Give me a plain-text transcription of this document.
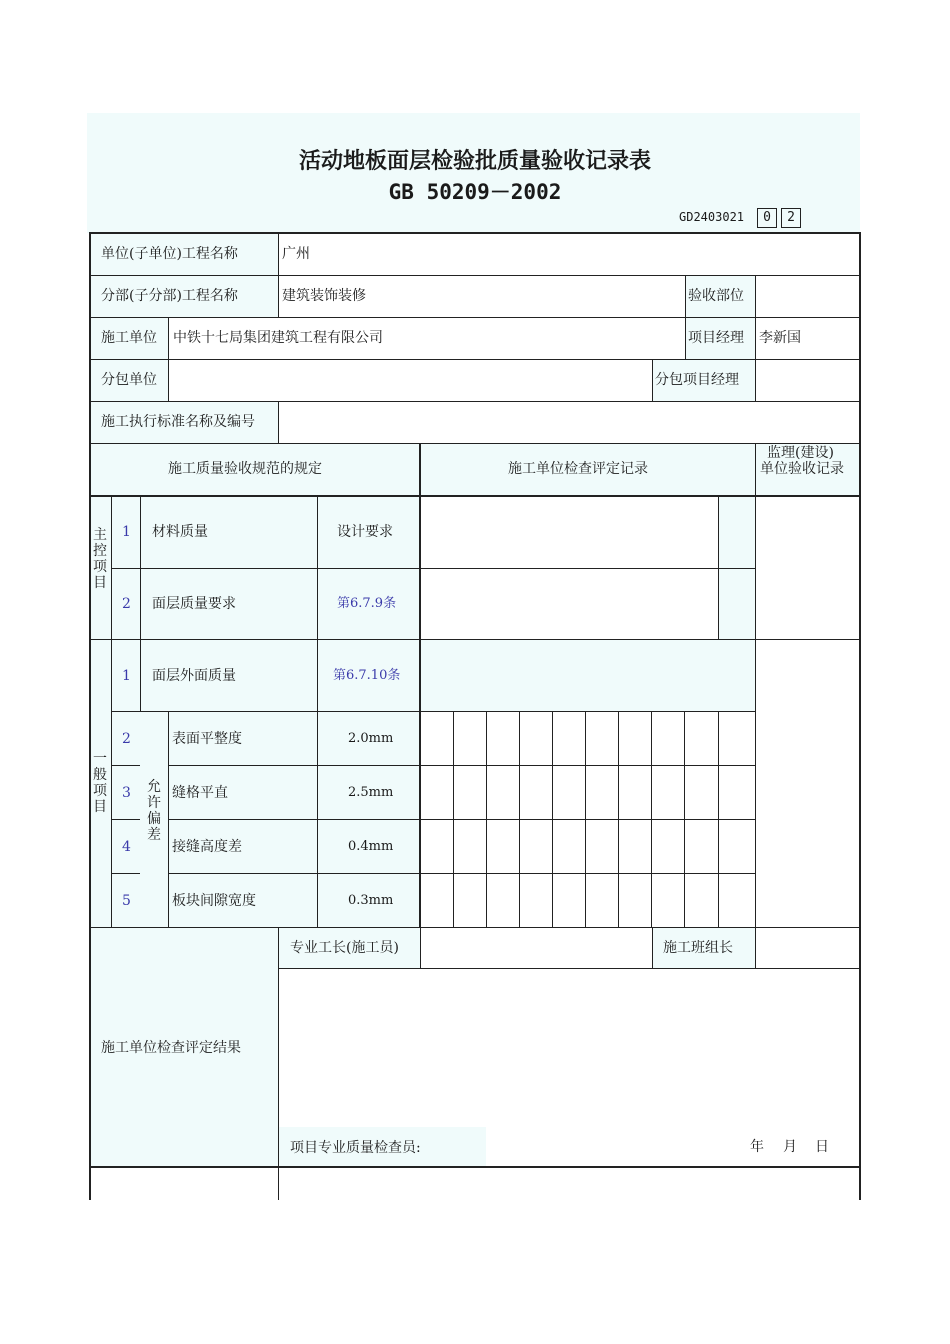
活动地板面层检验批质量验收记录表
GB 50209－2002
GD2403021	0	2
单位(子单位)工程名称	广州
分部(子分部)工程名称	建筑装饰装修	验收部位
施工单位 中铁十七局集团建筑工程有限公司	项目经理 李新国
分包单位	分包项目经理
施工执行标准名称及编号
施工质量验收规范的规定	施工单位检查评定记录
监理(建设)
单位验收记录
主控项目
1 材料质量	设计要求
2 面层质量要求	第6.7.9条
一般项目
允许偏差
1 面层外面质量	第6.7.10条
2	表面平整度	2.0mm
3	缝格平直	2.5mm
4	接缝高度差	0.4mm
5	板块间隙宽度	0.3mm
专业工长(施工员)	施工班组长
施工单位检查评定结果
项目专业质量检查员:	年 月 日
